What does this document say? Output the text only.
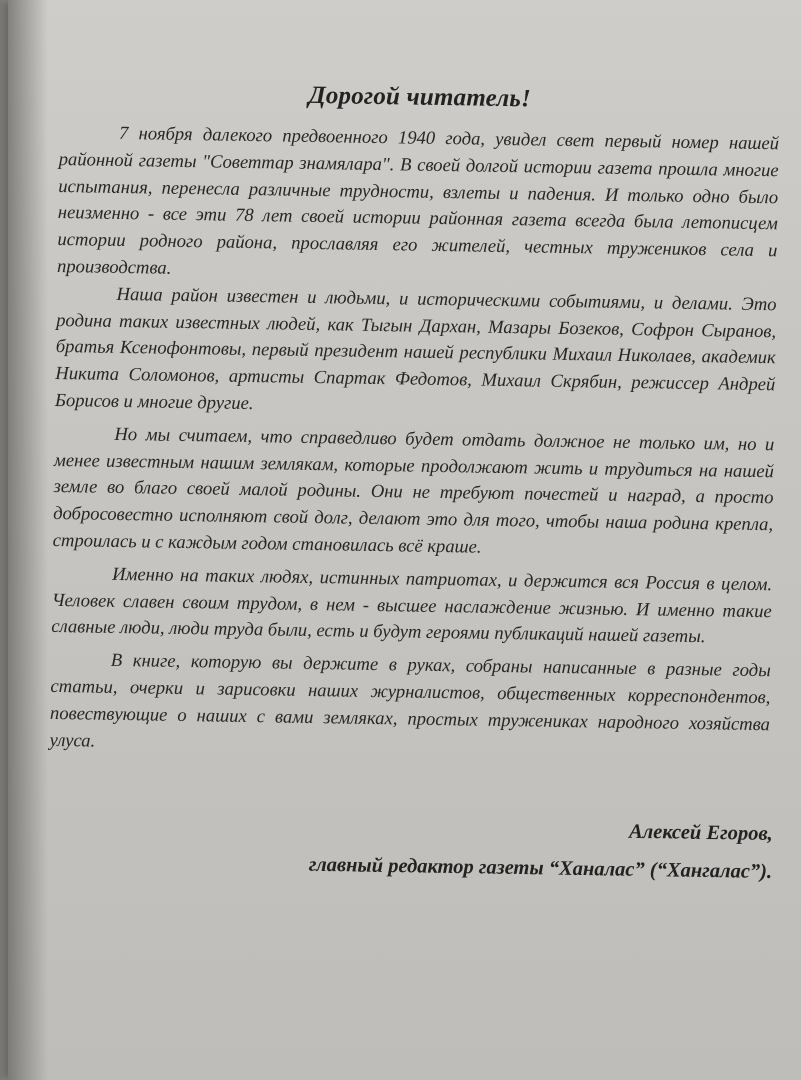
Дорогой читатель!

7 ноября далекого предвоенного 1940 года, увидел свет первый номер нашей районной газеты "Советтар знамялара". В своей долгой истории газета прошла многие испытания, перенесла различные трудности, взлеты и падения. И только одно было неизменно - все эти 78 лет своей истории районная газета всегда была летописцем истории родного района, прославляя его жителей, честных тружеников села и производства.

Наша район известен и людьми, и историческими событиями, и делами. Это родина таких известных людей, как Тыгын Дархан, Мазары Бозеков, Софрон Сыранов, братья Ксенофонтовы, первый президент нашей республики Михаил Николаев, академик Никита Соломонов, артисты Спартак Федотов, Михаил Скрябин, режиссер Андрей Борисов и многие другие.

Но мы считаем, что справедливо будет отдать должное не только им, но и менее известным нашим землякам, которые продолжают жить и трудиться на нашей земле во благо своей малой родины. Они не требуют почестей и наград, а просто добросовестно исполняют свой долг, делают это для того, чтобы наша родина крепла, строилась и с каждым годом становилась всё краше.

Именно на таких людях, истинных патриотах, и держится вся Россия в целом. Человек славен своим трудом, в нем - высшее наслаждение жизнью. И именно такие славные люди, люди труда были, есть и будут героями публикаций нашей газеты.

В книге, которую вы держите в руках, собраны написанные в разные годы статьи, очерки и зарисовки наших журналистов, общественных корреспондентов, повествующие о наших с вами земляках, простых тружениках народного хозяйства улуса.

Алексей Егоров,
главный редактор газеты “Ханалас” (“Хангалас”).
